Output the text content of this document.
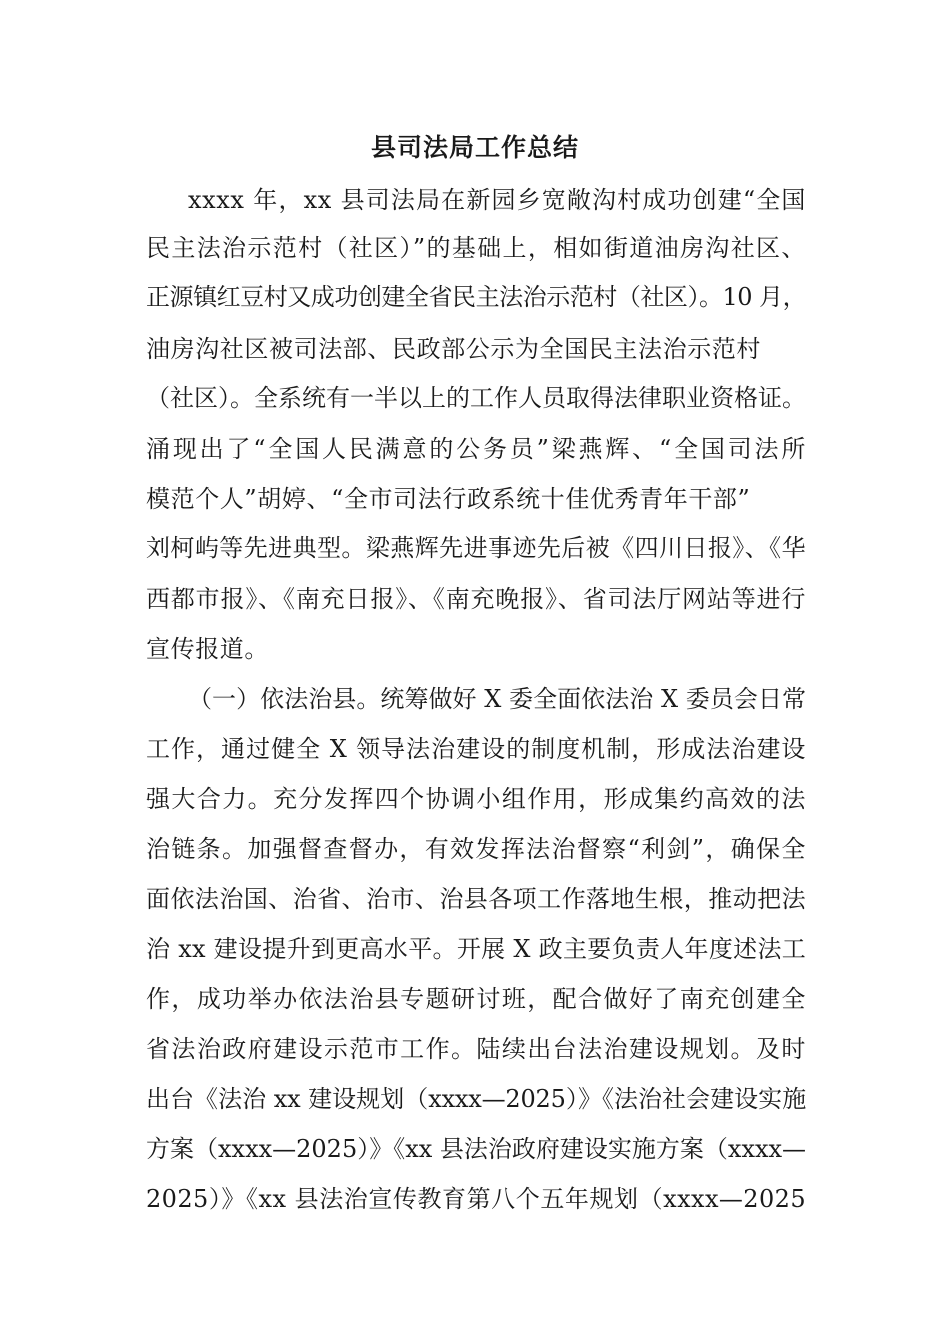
县司法局工作总结
xxxx 年，xx 县司法局在新园乡宽敞沟村成功创建“全国
民主法治示范村（社区）”的基础上，相如街道油房沟社区、
正源镇红豆村又成功创建全省民主法治示范村（社区）。10 月，
油房沟社区被司法部、民政部公示为全国民主法治示范村
（社区）。全系统有一半以上的工作人员取得法律职业资格证。
涌现出了“全国人民满意的公务员”梁燕辉、“全国司法所
模范个人”胡婷、“全市司法行政系统十佳优秀青年干部”
刘柯屿等先进典型。梁燕辉先进事迹先后被《四川日报》、《华
西都市报》、《南充日报》、《南充晚报》、省司法厅网站等进行
宣传报道。
（一）依法治县。统筹做好 X 委全面依法治 X 委员会日常
工作，通过健全 X 领导法治建设的制度机制，形成法治建设
强大合力。充分发挥四个协调小组作用，形成集约高效的法
治链条。加强督查督办，有效发挥法治督察“利剑”，确保全
面依法治国、治省、治市、治县各项工作落地生根，推动把法
治 xx 建设提升到更高水平。开展 X 政主要负责人年度述法工
作，成功举办依法治县专题研讨班，配合做好了南充创建全
省法治政府建设示范市工作。陆续出台法治建设规划。及时
出台《法治 xx 建设规划（xxxx—2025）》《法治社会建设实施
方案（xxxx—2025）》《xx 县法治政府建设实施方案（xxxx—
2025）》《xx 县法治宣传教育第八个五年规划（xxxx—2025
